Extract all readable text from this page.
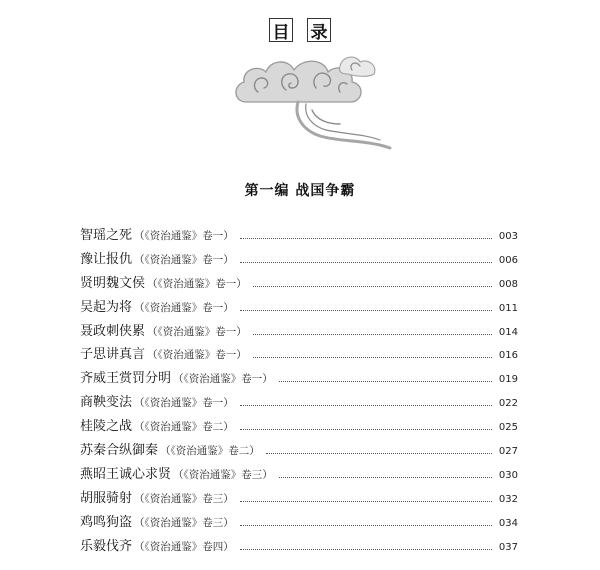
目 录
第一编 战国争霸
智瑶之死 （《资治通鉴》卷一）	003
豫让报仇 （《资治通鉴》卷一）	006
贤明魏文侯 （《资治通鉴》卷一）	008
吴起为将 （《资治通鉴》卷一）	011
聂政刺侠累 （《资治通鉴》卷一）	014
子思讲真言 （《资治通鉴》卷一）	016
齐威王赏罚分明 （《资治通鉴》卷一）	019
商鞅变法 （《资治通鉴》卷一）	022
桂陵之战 （《资治通鉴》卷二）	025
苏秦合纵御秦 （《资治通鉴》卷二）	027
燕昭王诚心求贤 （《资治通鉴》卷三）	030
胡服骑射 （《资治通鉴》卷三）	032
鸡鸣狗盗 （《资治通鉴》卷三）	034
乐毅伐齐 （《资治通鉴》卷四）	037
